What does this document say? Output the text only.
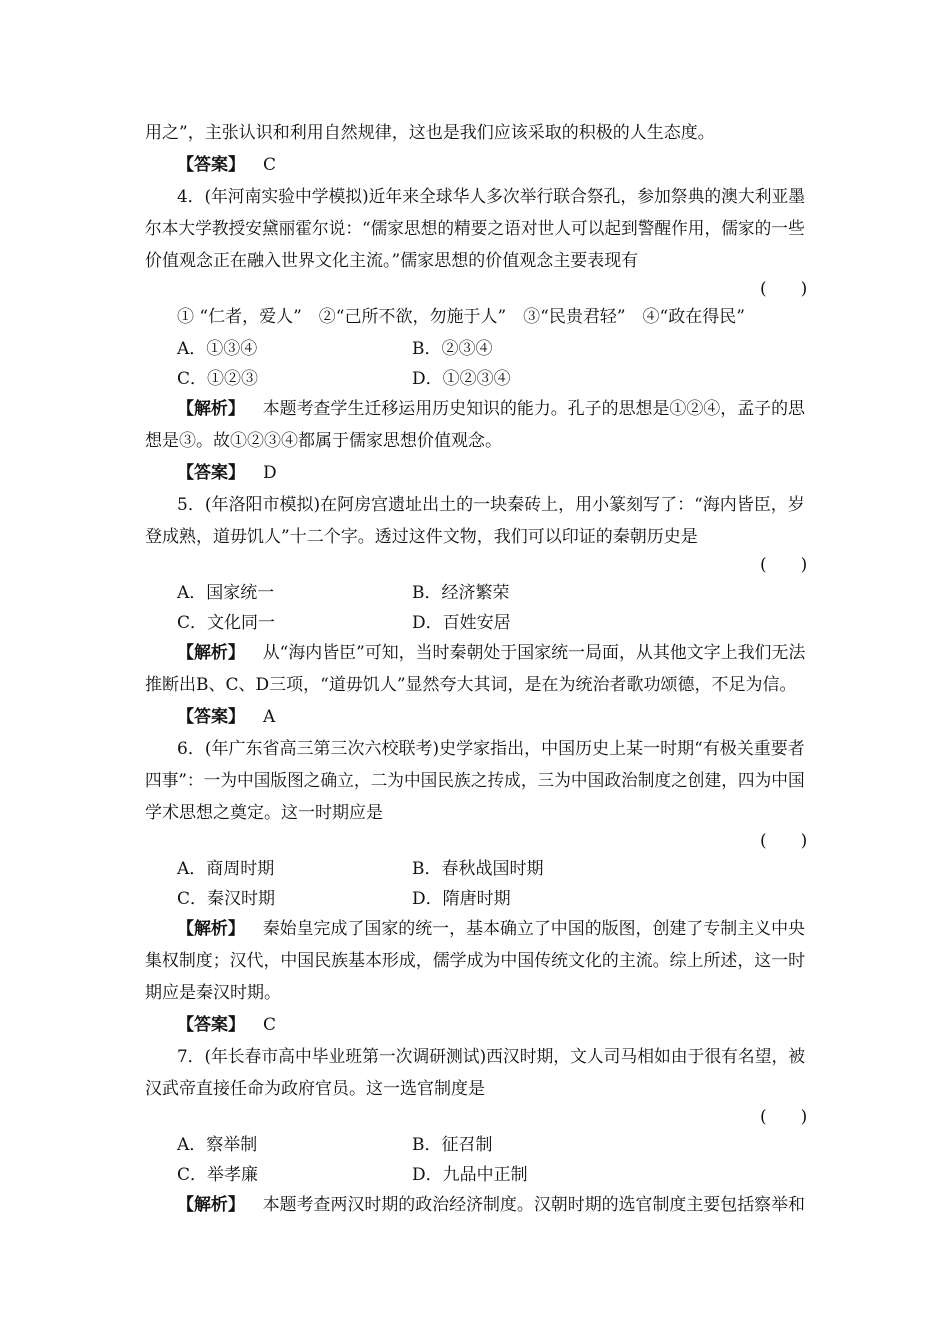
用之”，主张认识和利用自然规律，这也是我们应该采取的积极的人生态度。
【答案】 C
4．(年河南实验中学模拟)近年来全球华人多次举行联合祭孔，参加祭典的澳大利亚墨
尔本大学教授安黛丽霍尔说：“儒家思想的精要之语对世人可以起到警醒作用，儒家的一些
价值观念正在融入世界文化主流。”儒家思想的价值观念主要表现有
(　　)
① “仁者，爱人”　②“己所不欲，勿施于人”　③“民贵君轻”　④“政在得民”
A．①③④	B．②③④
C．①②③	D．①②③④
【解析】 本题考查学生迁移运用历史知识的能力。孔子的思想是①②④，孟子的思
想是③。故①②③④都属于儒家思想价值观念。
【答案】 D
5．(年洛阳市模拟)在阿房宫遗址出土的一块秦砖上，用小篆刻写了：“海内皆臣，岁
登成熟，道毋饥人”十二个字。透过这件文物，我们可以印证的秦朝历史是
(　　)
A．国家统一	B．经济繁荣
C．文化同一	D．百姓安居
【解析】 从“海内皆臣”可知，当时秦朝处于国家统一局面，从其他文字上我们无法
推断出B、C、D三项，“道毋饥人”显然夸大其词，是在为统治者歌功颂德，不足为信。
【答案】 A
6．(年广东省高三第三次六校联考)史学家指出，中国历史上某一时期“有极关重要者
四事”：一为中国版图之确立，二为中国民族之抟成，三为中国政治制度之创建，四为中国
学术思想之奠定。这一时期应是
(　　)
A．商周时期	B．春秋战国时期
C．秦汉时期	D．隋唐时期
【解析】 秦始皇完成了国家的统一，基本确立了中国的版图，创建了专制主义中央
集权制度；汉代，中国民族基本形成，儒学成为中国传统文化的主流。综上所述，这一时
期应是秦汉时期。
【答案】 C
7．(年长春市高中毕业班第一次调研测试)西汉时期，文人司马相如由于很有名望，被
汉武帝直接任命为政府官员。这一选官制度是
(　　)
A．察举制	B．征召制
C．举孝廉	D．九品中正制
【解析】 本题考查两汉时期的政治经济制度。汉朝时期的选官制度主要包括察举和
